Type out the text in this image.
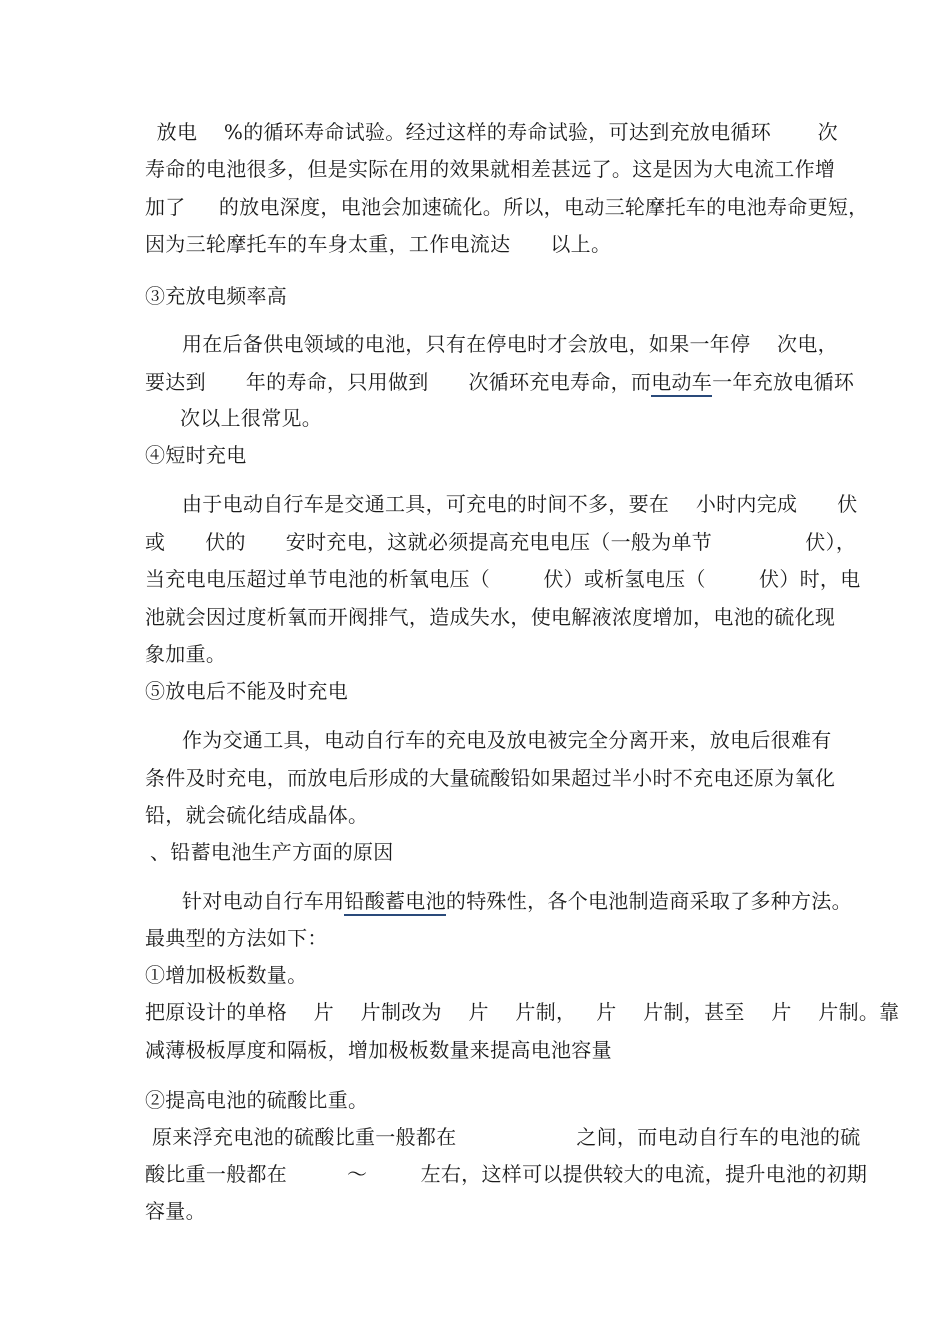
放电    %的循环寿命试验。经过这样的寿命试验，可达到充放电循环       次
寿命的电池很多，但是实际在用的效果就相差甚远了。这是因为大电流工作增
加了     的放电深度，电池会加速硫化。所以，电动三轮摩托车的电池寿命更短，
因为三轮摩托车的车身太重，工作电流达      以上。
③充放电频率高
用在后备供电领域的电池，只有在停电时才会放电，如果一年停    次电，
要达到      年的寿命，只用做到      次循环充电寿命，而电动车一年充放电循环
次以上很常见。
④短时充电
由于电动自行车是交通工具，可充电的时间不多，要在    小时内完成      伏
或      伏的      安时充电，这就必须提高充电电压（一般为单节              伏），
当充电电压超过单节电池的析氧电压（        伏）或析氢电压（        伏）时，电
池就会因过度析氧而开阀排气，造成失水，使电解液浓度增加，电池的硫化现
象加重。
⑤放电后不能及时充电
作为交通工具，电动自行车的充电及放电被完全分离开来，放电后很难有
条件及时充电，而放电后形成的大量硫酸铅如果超过半小时不充电还原为氧化
铅，就会硫化结成晶体。
、铅蓄电池生产方面的原因
针对电动自行车用铅酸蓄电池的特殊性，各个电池制造商采取了多种方法。
最典型的方法如下：
①增加极板数量。
把原设计的单格    片    片制改为    片    片制，   片    片制，甚至    片    片制。靠
减薄极板厚度和隔板，增加极板数量来提高电池容量
②提高电池的硫酸比重。
原来浮充电池的硫酸比重一般都在                  之间，而电动自行车的电池的硫
酸比重一般都在         ～        左右，这样可以提供较大的电流，提升电池的初期
容量。
